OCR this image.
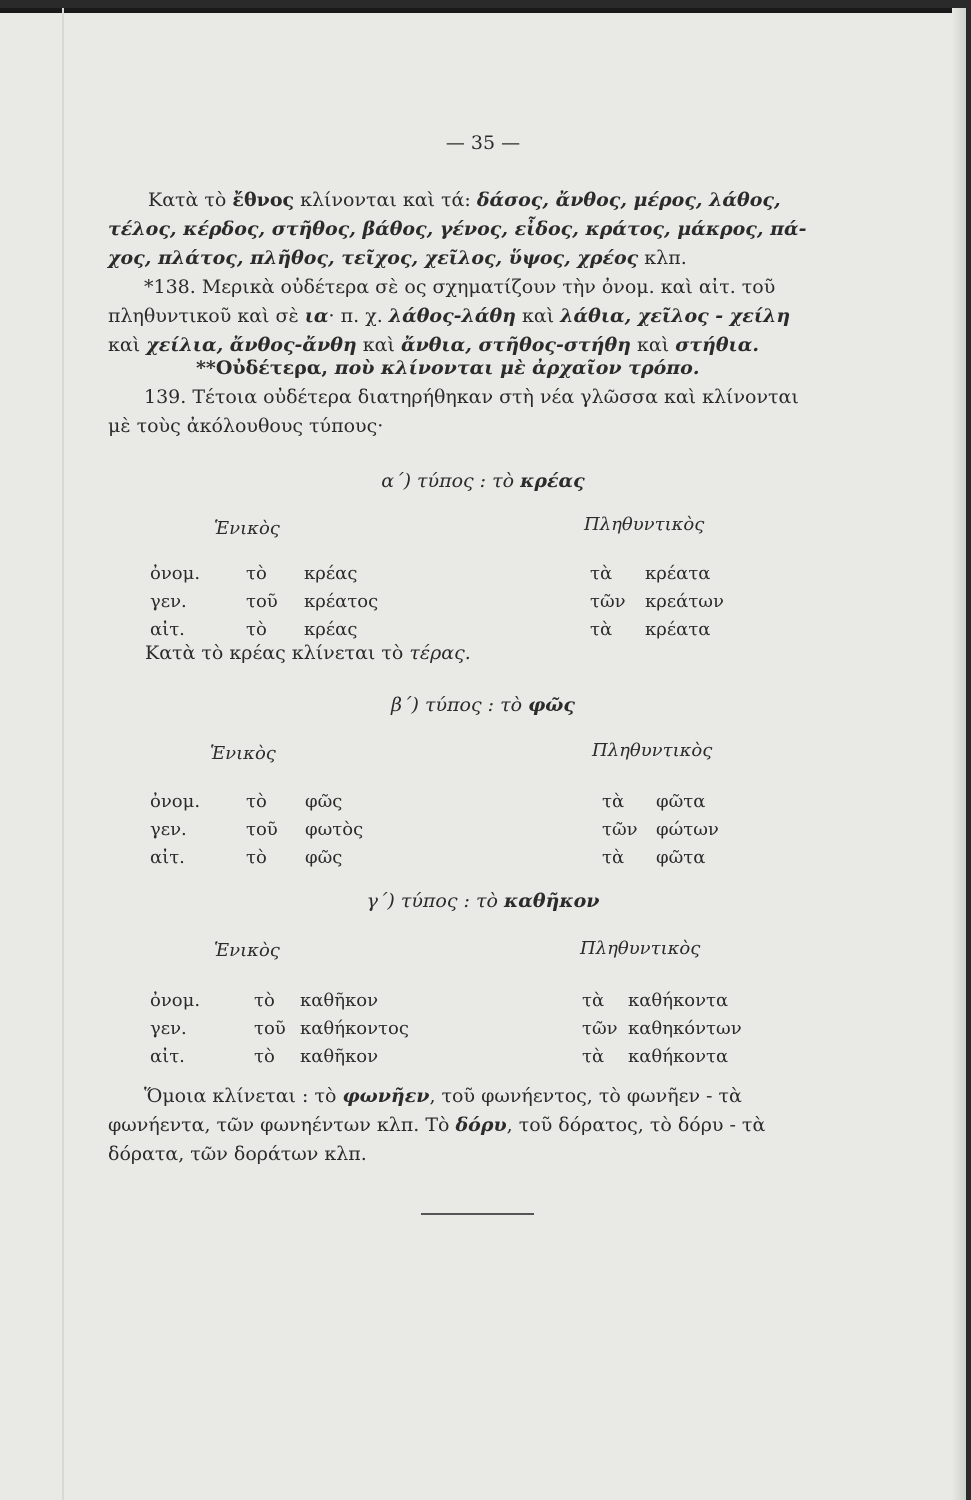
— 35 —

Κατὰ τὸ ἔθνος κλίνονται καὶ τά: δάσος, ἄνθος, μέρος, λάθος,
τέλος, κέρδος, στῆθος, βάθος, γένος, εἶδος, κράτος, μάκρος, πά-
χος, πλάτος, πλῆθος, τεῖχος, χεῖλος, ὕψος, χρέος κλπ.

*138. Μερικὰ οὐδέτερα σὲ ος σχηματίζουν τὴν ὀνομ. καὶ αἰτ. τοῦ
πληθυντικοῦ καὶ σὲ ια· π. χ. λάθος-λάθη καὶ λάθια, χεῖλος - χείλη
καὶ χείλια, ἄνθος-ἄνθη καὶ ἄνθια, στῆθος-στήθη καὶ στήθια.

**Οὐδέτερα, ποὺ κλίνονται μὲ ἀρχαῖον τρόπο.

139. Τέτοια οὐδέτερα διατηρήθηκαν στὴ νέα γλῶσσα καὶ κλίνονται
μὲ τοὺς ἀκόλουθους τύπους·

α΄) τύπος : τὸ κρέας
Ἑνικὸς	Πληθυντικὸς
ὀνομ.	τὸ κρέας	τὰ κρέατα
γεν.	τοῦ κρέατος	τῶν κρεάτων
αἰτ.	τὸ κρέας	τὰ κρέατα
Κατὰ τὸ κρέας κλίνεται τὸ τέρας.
β΄) τύπος : τὸ φῶς
Ἑνικὸς	Πληθυντικὸς
ὀνομ.	τὸ φῶς	τὰ φῶτα
γεν.	τοῦ φωτὸς	τῶν φώτων
αἰτ.	τὸ φῶς	τὰ φῶτα
γ΄) τύπος : τὸ καθῆκον
Ἑνικὸς	Πληθυντικὸς
ὀνομ.	τὸ καθῆκον	τὰ καθήκοντα
γεν.	τοῦ καθήκοντος	τῶν καθηκόντων
αἰτ.	τὸ καθῆκον	τὰ καθήκοντα

Ὅμοια κλίνεται : τὸ φωνῆεν, τοῦ φωνήεντος, τὸ φωνῆεν - τὰ
φωνήεντα, τῶν φωνηέντων κλπ. Τὸ δόρυ, τοῦ δόρατος, τὸ δόρυ - τὰ
δόρατα, τῶν δοράτων κλπ.
